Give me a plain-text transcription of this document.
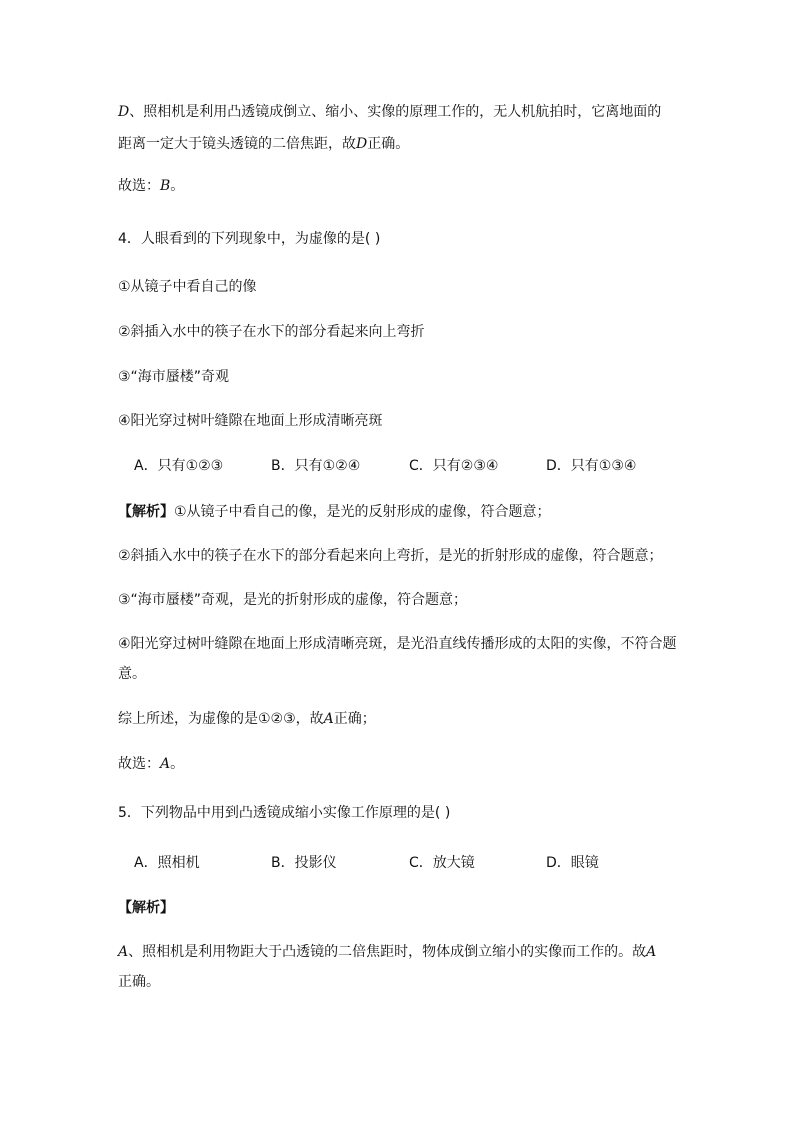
D、照相机是利用凸透镜成倒立、缩小、实像的原理工作的，无人机航拍时，它离地面的
距离一定大于镜头透镜的二倍焦距，故D正确。
故选：B。
4．人眼看到的下列现象中，为虚像的是( )
①从镜子中看自己的像
②斜插入水中的筷子在水下的部分看起来向上弯折
③“海市蜃楼”奇观
④阳光穿过树叶缝隙在地面上形成清晰亮斑
A．只有①②③	B．只有①②④	C．只有②③④	D．只有①③④
【解析】①从镜子中看自己的像，是光的反射形成的虚像，符合题意；
②斜插入水中的筷子在水下的部分看起来向上弯折，是光的折射形成的虚像，符合题意；
③“海市蜃楼”奇观，是光的折射形成的虚像，符合题意；
④阳光穿过树叶缝隙在地面上形成清晰亮斑，是光沿直线传播形成的太阳的实像，不符合题
意。
综上所述，为虚像的是①②③，故A正确；
故选：A。
5．下列物品中用到凸透镜成缩小实像工作原理的是( )
A．照相机	B．投影仪	C．放大镜	D．眼镜
【解析】
A、照相机是利用物距大于凸透镜的二倍焦距时，物体成倒立缩小的实像而工作的。故A
正确。
